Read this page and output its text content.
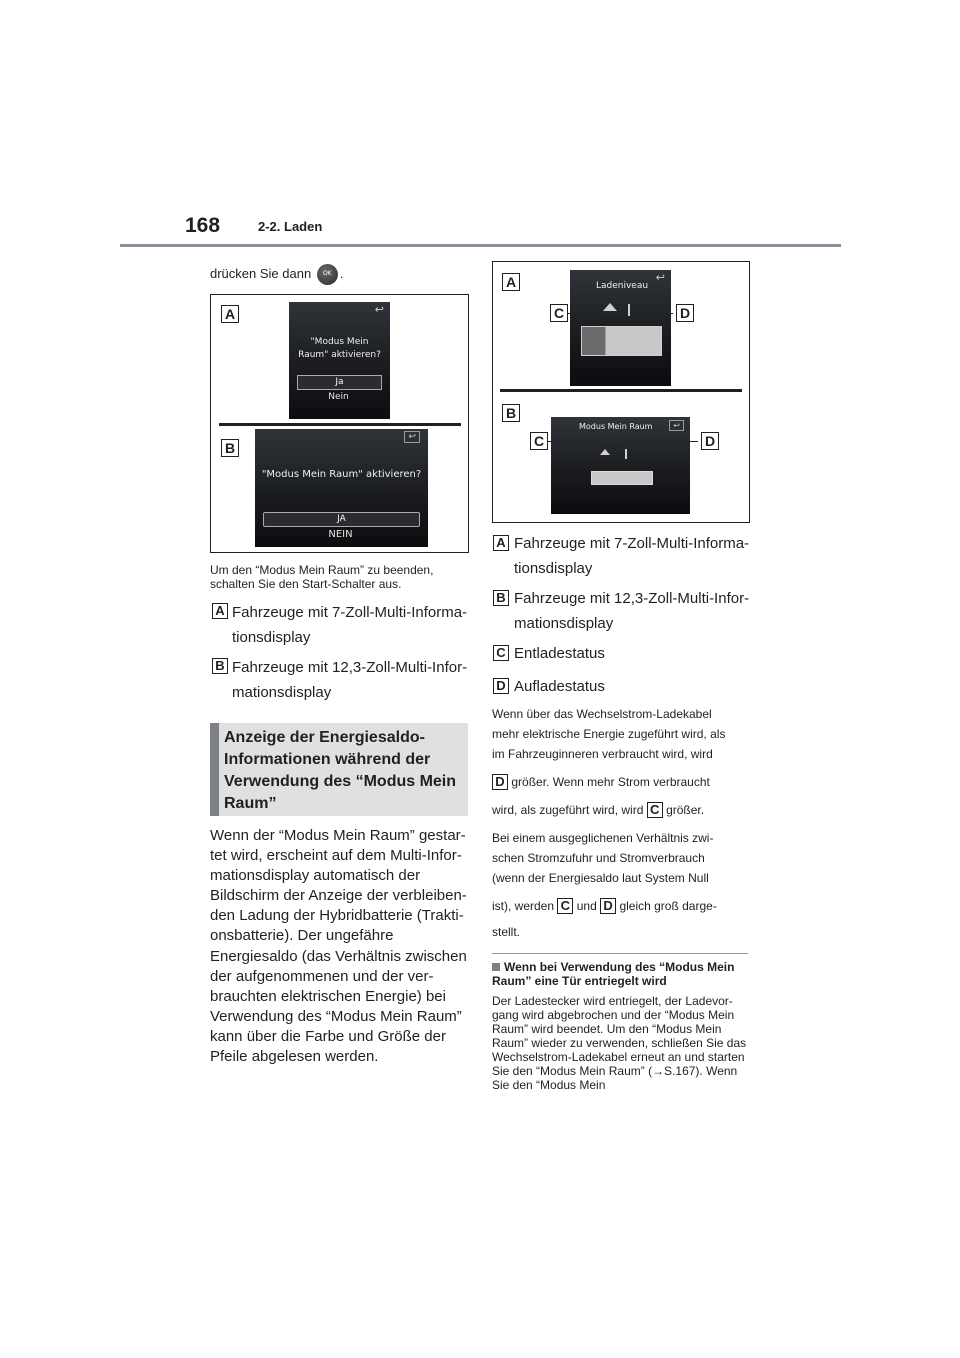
168	2-2. Laden
drücken Sie dann OK .
A	↩
"Modus Mein Raum" aktivieren?
Ja
Nein
B
↩
"Modus Mein Raum" aktivieren?
JA
NEIN
Um den “Modus Mein Raum” zu beenden, schalten Sie den Start-Schalter aus.
A Fahrzeuge mit 7-Zoll-Multi-Informa-tionsdisplay
B Fahrzeuge mit 12,3-Zoll-Multi-Infor-mationsdisplay
Anzeige der Energiesaldo-Informationen während der Verwendung des “Modus Mein Raum”
Wenn der “Modus Mein Raum” gestar-tet wird, erscheint auf dem Multi-Infor-mationsdisplay automatisch der Bildschirm der Anzeige der verbleiben-den Ladung der Hybridbatterie (Trakti-onsbatterie). Der ungefähre Energiesaldo (das Verhältnis zwischen der aufgenommenen und der ver-brauchten elektrischen Energie) bei Verwendung des “Modus Mein Raum” kann über die Farbe und Größe der Pfeile abgelesen werden.
A	↩
Ladeniveau
C	D
B
Modus Mein Raum	↩
C	D
A Fahrzeuge mit 7-Zoll-Multi-Informa-tionsdisplay
B Fahrzeuge mit 12,3-Zoll-Multi-Infor-mationsdisplay
C Entladestatus
D Aufladestatus
Wenn über das Wechselstrom-Ladekabel
mehr elektrische Energie zugeführt wird, als
im Fahrzeuginneren verbraucht wird, wird
D größer. Wenn mehr Strom verbraucht
wird, als zugeführt wird, wird C größer.
Bei einem ausgeglichenen Verhältnis zwi-
schen Stromzufuhr und Stromverbrauch
(wenn der Energiesaldo laut System Null
ist), werden C und D gleich groß darge-
stellt.
Wenn bei Verwendung des “Modus Mein Raum” eine Tür entriegelt wird
Der Ladestecker wird entriegelt, der Ladevor-gang wird abgebrochen und der “Modus Mein Raum” wird beendet. Um den “Modus Mein Raum” wieder zu verwenden, schließen Sie das Wechselstrom-Ladekabel erneut an und starten Sie den “Modus Mein Raum” (→S.167). Wenn Sie den “Modus Mein
